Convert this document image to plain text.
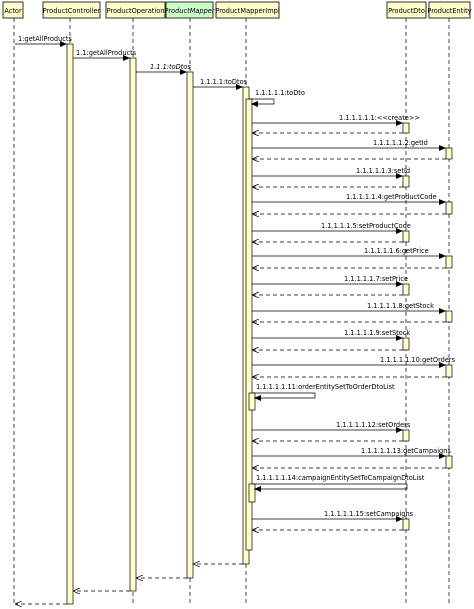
Actor	ProductController ProductOperation ProductMapper ProductMapperImpl	ProductDto ProductEntity
1:getAllProducts
1.1:getAllProducts
1.1.1:toDtos
1.1.1.1:toDtos
1.1.1.1.1:toDto
1.1.1.1.1.1:<<create>>
1.1.1.1.1.2:getId
1.1.1.1.1.3:setId
1.1.1.1.1.4:getProductCode
1.1.1.1.1.5:setProductCode
1.1.1.1.1.6:getPrice
1.1.1.1.1.7:setPrice
1.1.1.1.1.8:getStock
1.1.1.1.1.9:setStock
1.1.1.1.1.10:getOrders
1.1.1.1.1.11:orderEntitySetToOrderDtoList
1.1.1.1.1.12:setOrders
1.1.1.1.1.13:getCampaigns
1.1.1.1.1.14:campaignEntitySetToCampaignDtoList
1.1.1.1.1.15:setCampaigns
